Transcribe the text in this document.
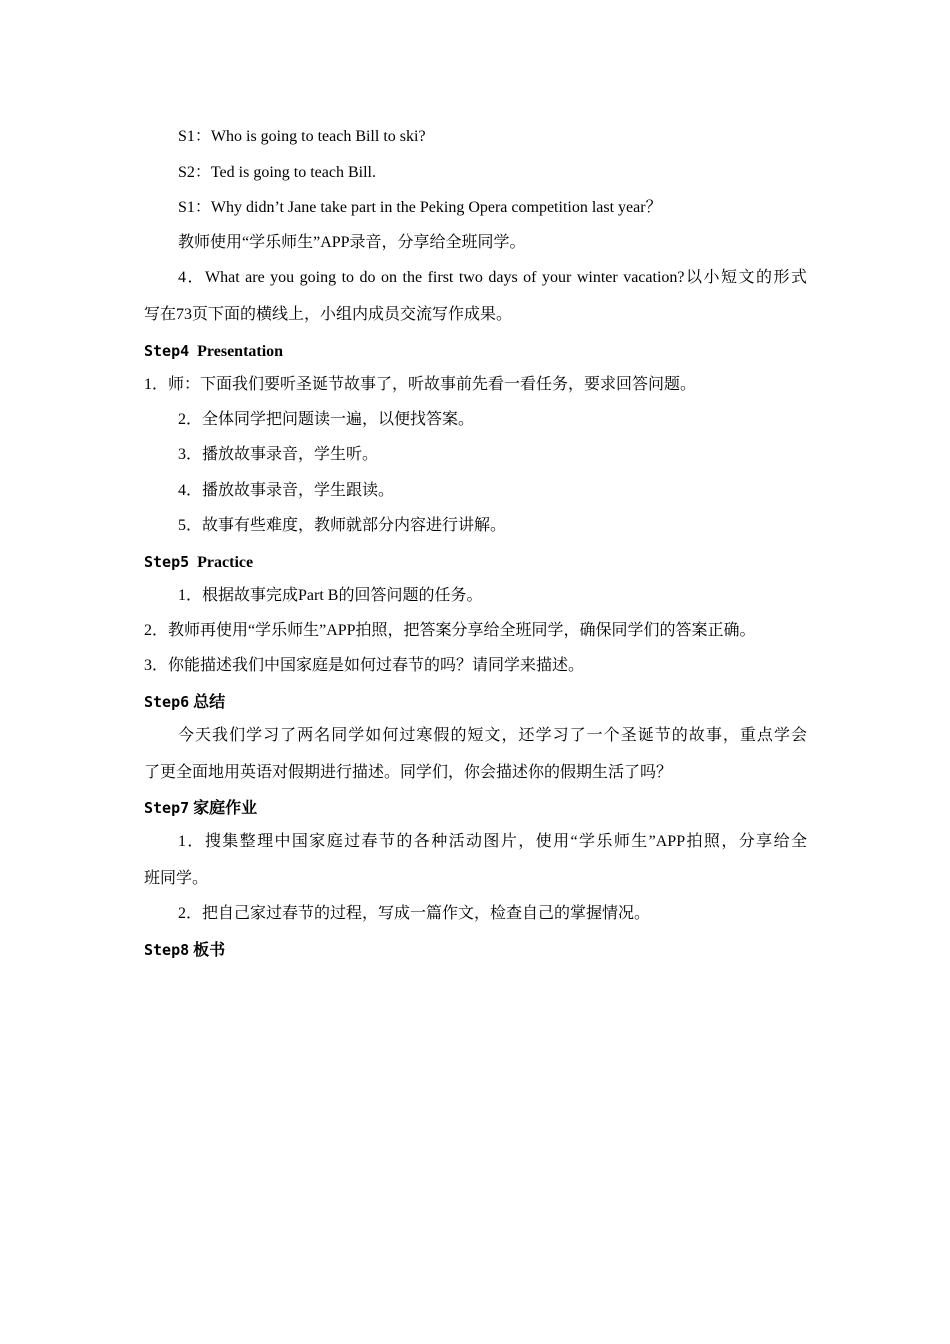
S1：Who is going to teach Bill to ski?
S2：Ted is going to teach Bill.
S1：Why didn’t Jane take part in the Peking Opera competition last year？
教师使用“学乐师生”APP录音，分享给全班同学。
4．What are you going to do on the first two days of your winter vacation?以小短文的形式
写在73页下面的横线上，小组内成员交流写作成果。
Step4 Presentation
1．师：下面我们要听圣诞节故事了，听故事前先看一看任务，要求回答问题。
2．全体同学把问题读一遍，以便找答案。
3．播放故事录音，学生听。
4．播放故事录音，学生跟读。
5．故事有些难度，教师就部分内容进行讲解。
Step5 Practice
1．根据故事完成Part B的回答问题的任务。
2．教师再使用“学乐师生”APP拍照，把答案分享给全班同学，确保同学们的答案正确。
3．你能描述我们中国家庭是如何过春节的吗？请同学来描述。
Step6 总结
今天我们学习了两名同学如何过寒假的短文，还学习了一个圣诞节的故事，重点学会
了更全面地用英语对假期进行描述。同学们，你会描述你的假期生活了吗？
Step7 家庭作业
1．搜集整理中国家庭过春节的各种活动图片，使用“学乐师生”APP拍照，分享给全
班同学。
2．把自己家过春节的过程，写成一篇作文，检查自己的掌握情况。
Step8 板书
